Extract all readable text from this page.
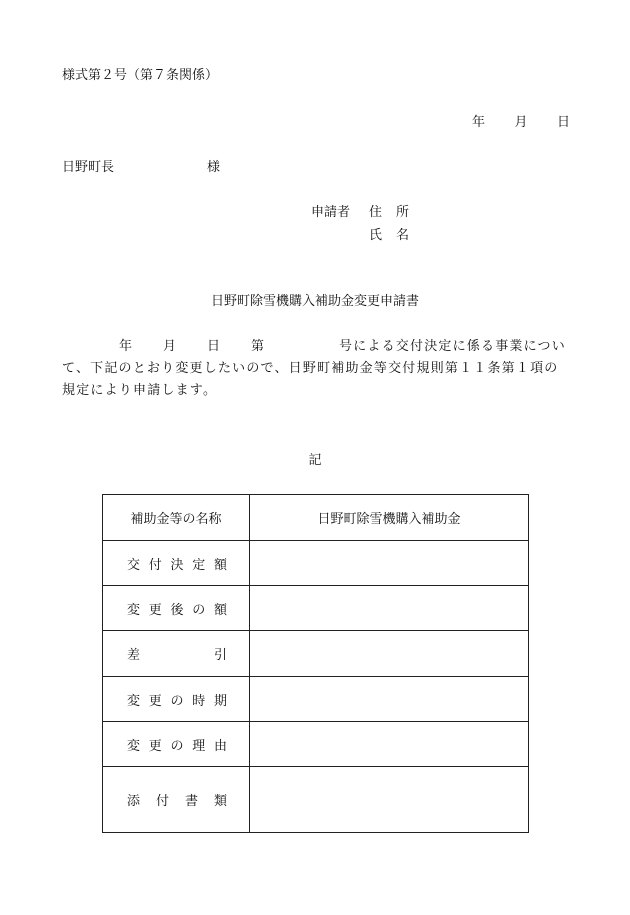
様式第２号（第７条関係）
年 月 日
日野町長	様
申請者 住 所
氏 名
日野町除雪機購入補助金変更申請書
年 月 日 第	号による交付決定に係る事業につい
て、下記のとおり変更したいので、日野町補助金等交付規則第１１条第１項の
規定により申請します。
記
補助金等の名称	日野町除雪機購入補助金

交 付 決 定 額	

変 更 後 の 額	

差 引	

変 更 の 時 期	

変 更 の 理 由	

添 付 書 類	
